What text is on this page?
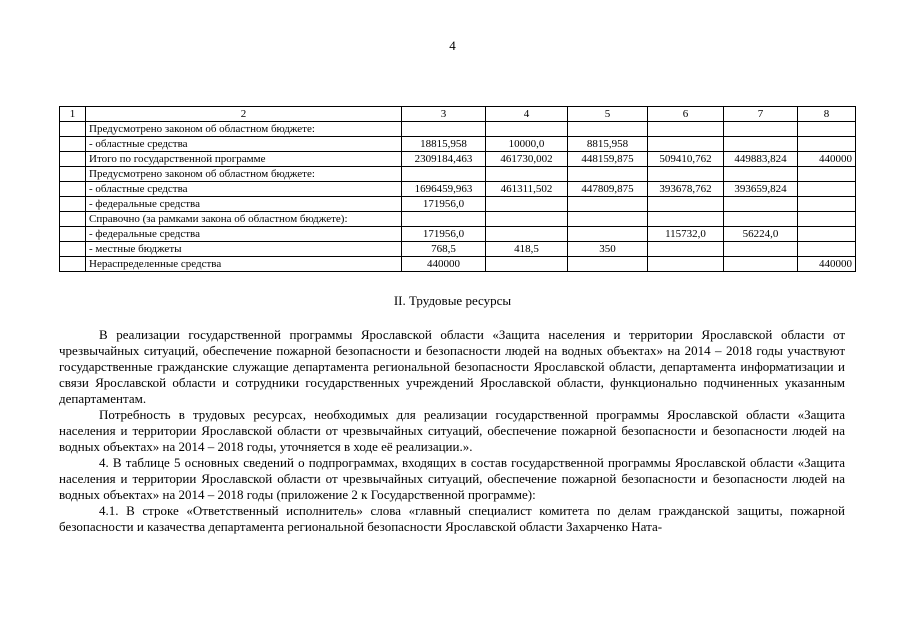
4
1	2	3	4	5	6	7	8
	Предусмотрено законом об областном бюджете:						
	- областные средства	18815,958	10000,0	8815,958			
	Итого по государственной программе	2309184,463	461730,002	448159,875	509410,762	449883,824	440000
	Предусмотрено законом об областном бюджете:						
	- областные средства	1696459,963	461311,502	447809,875	393678,762	393659,824	
	- федеральные средства	171956,0					
	Справочно (за рамками закона об областном бюджете):						
	- федеральные средства	171956,0			115732,0	56224,0	
	- местные бюджеты	768,5	418,5	350			
	Нераспределенные средства	440000					440000
II. Трудовые ресурсы

В реализации государственной программы Ярославской области «Защита населения и территории Ярославской области от чрезвычайных ситуаций, обеспечение пожарной безопасности и безопасности людей на водных объектах» на 2014 – 2018 годы участвуют государственные гражданские служащие департамента региональной безопасности Ярославской области, департамента информатизации и связи Ярославской области и сотрудники государственных учреждений Ярославской области, функционально подчиненных указанным департаментам.

Потребность в трудовых ресурсах, необходимых для реализации государственной программы Ярославской области «Защита населения и территории Ярославской области от чрезвычайных ситуаций, обеспечение пожарной безопасности и безопасности людей на водных объектах» на 2014 – 2018 годы, уточняется в ходе её реализации.».

4. В таблице 5 основных сведений о подпрограммах, входящих в состав государственной программы Ярославской области «Защита населения и территории Ярославской области от чрезвычайных ситуаций, обеспечение пожарной безопасности и безопасности людей на водных объектах» на 2014 – 2018 годы (приложение 2 к Государственной программе):

4.1. В строке «Ответственный исполнитель» слова «главный специалист комитета по делам гражданской защиты, пожарной безопасности и казачества департамента региональной безопасности Ярославской области Захарченко Ната-
